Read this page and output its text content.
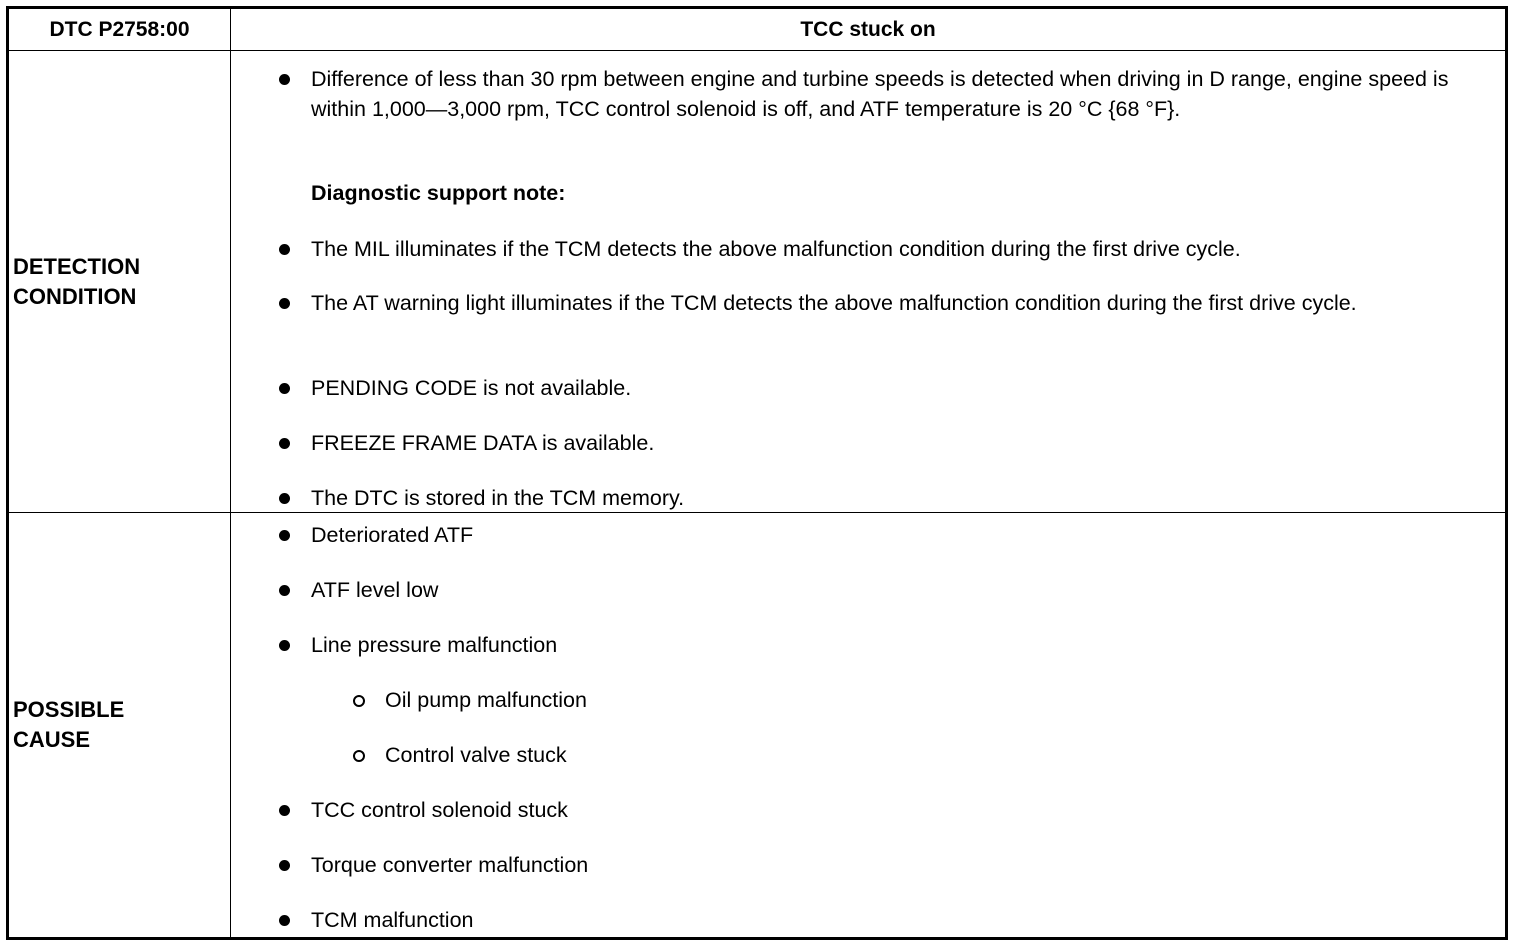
DTC P2758:00	TCC stuck on
DETECTION CONDITION
Difference of less than 30 rpm between engine and turbine speeds is detected when driving in D range, engine speed is within 1,000—3,000 rpm, TCC control solenoid is off, and ATF temperature is 20 °C {68 °F}.
Diagnostic support note:
The MIL illuminates if the TCM detects the above malfunction condition during the first drive cycle.
The AT warning light illuminates if the TCM detects the above malfunction condition during the first drive cycle.
PENDING CODE is not available.
FREEZE FRAME DATA is available.
The DTC is stored in the TCM memory.
POSSIBLE CAUSE
Deteriorated ATF
ATF level low
Line pressure malfunction
Oil pump malfunction
Control valve stuck
TCC control solenoid stuck
Torque converter malfunction
TCM malfunction
